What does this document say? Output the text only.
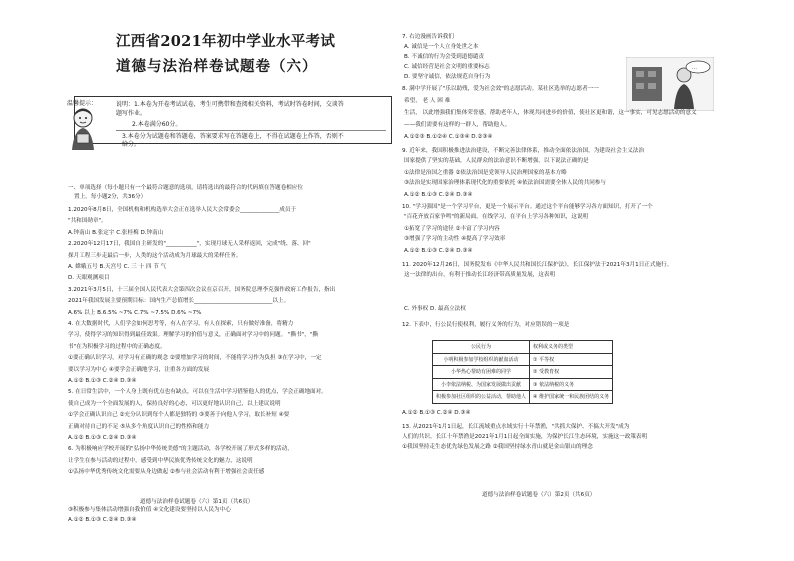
江西省2021年初中学业水平考试
道德与法治样卷试题卷（六）
温馨提示：	说明：1.本卷为开卷考试试卷，考生可携带和查阅相关资料，考试时答卷时间，交谈答
题写作业。
2.本卷满分60分。
3.本卷分为试题卷和答题卷，答案要求写在答题卷上，不得在试题卷上作答，否则不
给分。
一、单项选择（每小题只有一个最符合题意的选项，请将选出的最符合的代码填在答题卷相应位
置上。每小题2分，共36分）
1.2020年8月8日，全国机构和机构选举大会正在选举人民大会常委会______________成员于
"共和国勋章"。
A.钟南山 B.张定宇 C.张桂梅 D.钟南山
2.2020年12月17日，我国自主研发的"___________"，实现月球无人采样返回，完成"绕、落、回"
探月工程三步走最后一步，人类的这个活动成为月球最大的采样任务。
A. 嫦娥五号 B.天宫号 C. 三 十 四 节 气
D. 天眼观测项目
3.2021年3月5日，十三届全国人民代表大会第四次会议在京召开，国务院总理李克强作政府工作报告，指出
2021年我国发展主要预期目标：国内生产总值增长____________________________以上。
A.6% 以上 B.6.5% ~7% C.7% ~7.5% D.6% ~7%
4. 在大数据时代，人们学会如何思考等，有人在学习，有人在探索，只有做好准备，将精力
学习，使得学习的知识得到最佳效果。理解学习的价值与意义，正确面对学习中的问题。 "撕书"，"撕
书"在为积极学习的过程中的正确态度。
①要正确认识学习，对学习有正确的观念 ②要增加学习的时间，不能将学习作为负担 ③在学习中，一定
要以学习为中心 ④要学会正确地学习，注重各方面的发展
A.①② B.①③ C.②④ D.③④
5. 在日常生活中，一个人身上既有优点也有缺点，可以在生活中学习借鉴他人的优点，学会正确地面对。
使自己成为一个全面发展的人，保持良好的心态，可以更好地认识自己，以上建议说明
①学会正确认识自己 ②充分认识到每个人都是独特的 ③要善于向他人学习，取长补短 ④要
正确对待自己的不足 ⑤从多个角度认识自己的性格和能力
A.①② B.①③ C.②④ D.③④
6. 为积极响应学校开展的"弘扬中华传统美德"的主题活动，各学校开展了形式多样的活动，
让学生在参与活动的过程中，感受到中华民族优秀传统文化的魅力，这说明
①弘扬中华优秀传统文化需要从身边做起 ②参与社会活动有利于增强社会责任感
道德与法治样卷试题卷（六）第1页（共6页）
③积极参与集体活动增强自我价值 ④文化建设要坚持以人民为中心
A.①② B.①③ C.②④ D.③④
…
7. 右边漫画告诉我们
A. 诚信是一个人立身处世之本
B. 不诚信的行为会受到道德谴责
C. 诚信经营是社会文明的重要标志
D. 要坚守诚信，依法规范自身行为
8. 满中学开展了"乐以助残，爱为社会效"的志愿活动。某社区选举的志愿者一一
希望， 老 人 困 难
生活， 以此增强我们集体荣誉感，帮助老年人，体现共同进步的价值，使社区更和谐，这一事实，可见志愿活动的意义
——我们需要有这样的一群人，帮助他人。
A.①②③ B.①②④ C.①③④ D.②③④
9. 近年来，我国积极推进法治建设，不断完善法律体系，推动全面依法治国，为建设社会主义法治
国家提供了坚实的基础，人民群众的法治意识不断增强，以下说法正确的是
①法律是治国之重器 ②依法治国是党领导人民治理国家的基本方略
③法治是实现国家治理体系现代化的重要依托 ④依法治国需要全体人民的共同参与
A.①② B.①③ C.②④ D.③④
10. "学习强国"是一个学习平台，更是一个展示平台。通过这个平台能够学习各方面知识，打开了一个
"百花齐放百家争鸣"的新局面。在线学习，在平台上学习各种知识，这说明
①拓宽了学习的途径 ②丰富了学习内容
③增强了学习的主动性 ④提高了学习效率
A.①② B.①③ C.②④ D.③④
11. 2020年12月26日，国务院发布《中华人民共和国长江保护法》，长江保护法于2021年3月1日正式施行。
这一法律的出台，有利于推动长江经济带高质量发展，这表明
C. 外事权 D. 最高立法权
12. 下表中，行公民行使权利，履行义务的行为，对应错误的一项是
公民行为	权利或义务的类型
小明积极参加学校组织的献血活动	① 平等权
小华热心帮助有困难的同学	② 受教育权
小李依法纳税、为国家发展做出贡献	③ 依法纳税的义务
积极参加社区组织的公益活动，帮助他人	④ 维护国家统一和民族团结的义务
A.①② B.①③ C.②④ D.③④
13. 从2021年1月1日起，长江流域重点水域实行十年禁渔，"共抓大保护、不搞大开发"成为
人们的共识。长江十年禁渔是2021年1月1日起全面实施，为保护长江生态环境，实施这一政策表明
①我国坚持走生态优先绿色发展之路 ②我国坚持绿水青山就是金山银山的理念
道德与法治样卷试题卷（六）第2页（共6页）
